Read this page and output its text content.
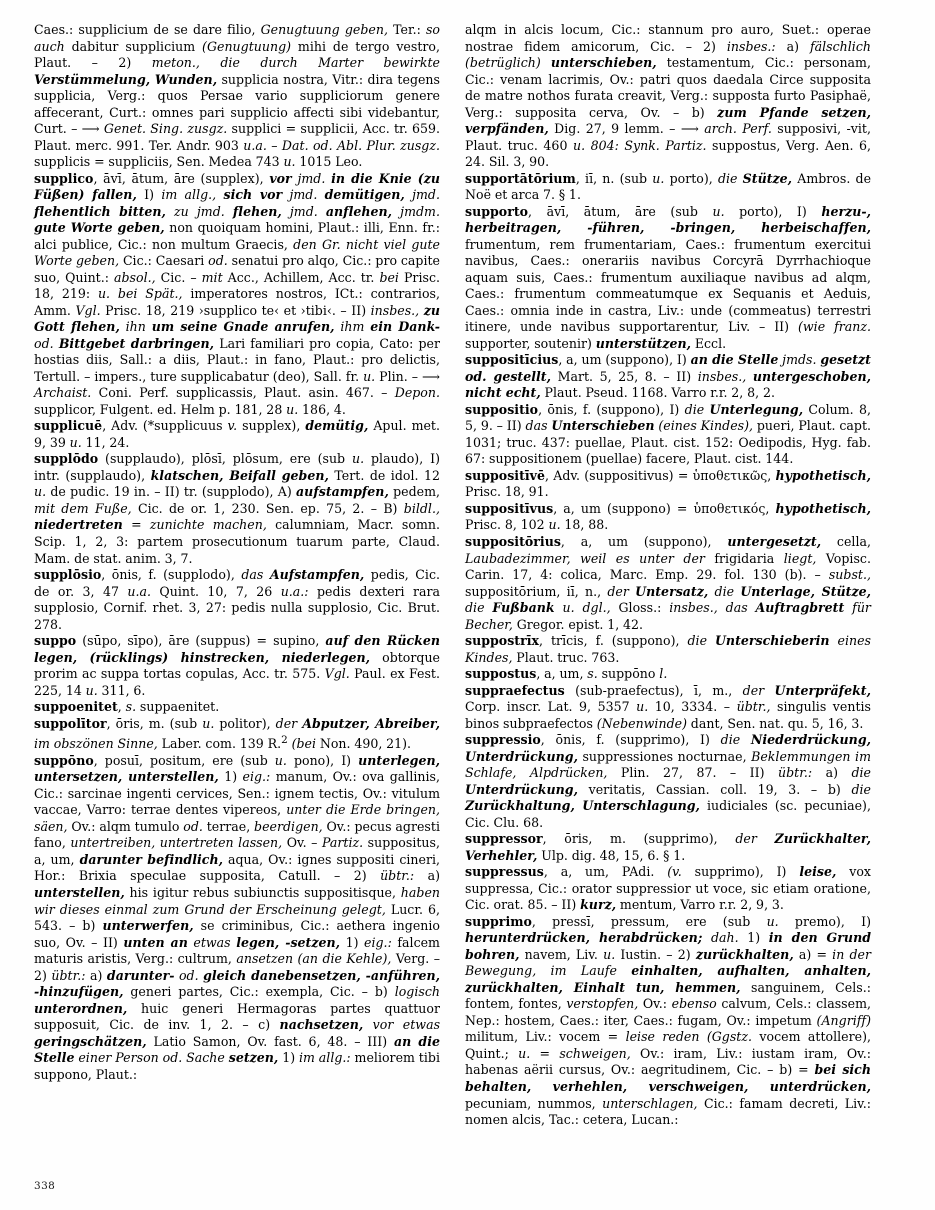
Caes.: supplicium de se dare filio, Genugtuung geben, Ter.: so auch dabitur supplicium (Genugtuung) mihi de tergo vestro, Plaut. – 2) meton., die durch Marter bewirkte Verstümmelung, Wunden, supplicia nostra, Vitr.: dira tegens supplicia, Verg.: quos Persae vario suppliciorum genere affecerant, Curt.: omnes pari supplicio affecti sibi videbantur, Curt. – ⟶ Genet. Sing. zusgz. supplici = supplicii, Acc. tr. 659. Plaut. merc. 991. Ter. Andr. 903 u.a. – Dat. od. Abl. Plur. zusgz. supplicis = suppliciis, Sen. Medea 743 u. 1015 Leo.

supplico, āvī, ātum, āre (supplex), vor jmd. in die Knie (zu Füßen) fallen, I) im allg., sich vor jmd. demütigen, jmd. flehentlich bitten, zu jmd. flehen, jmd. anflehen, jmdm. gute Worte geben, non quoiquam homini, Plaut.: illi, Enn. fr.: alci publice, Cic.: non multum Graecis, den Gr. nicht viel gute Worte geben, Cic.: Caesari od. senatui pro alqo, Cic.: pro capite suo, Quint.: absol., Cic. – mit Acc., Achillem, Acc. tr. bei Prisc. 18, 219: u. bei Spät., imperatores nostros, ICt.: contrarios, Amm. Vgl. Prisc. 18, 219 ›supplico te‹ et ›tibi‹. – II) insbes., zu Gott flehen, ihn um seine Gnade anrufen, ihm ein Dank- od. Bittgebet darbringen, Lari familiari pro copia, Cato: per hostias diis, Sall.: a diis, Plaut.: in fano, Plaut.: pro delictis, Tertull. – impers., ture supplicabatur (deo), Sall. fr. u. Plin. – ⟶ Archaist. Coni. Perf. supplicassis, Plaut. asin. 467. – Depon. supplicor, Fulgent. ed. Helm p. 181, 28 u. 186, 4.

supplicuē, Adv. (*supplicuus v. supplex), demütig, Apul. met. 9, 39 u. 11, 24.

supplōdo (supplaudo), plōsī, plōsum, ere (sub u. plaudo), I) intr. (supplaudo), klatschen, Beifall geben, Tert. de idol. 12 u. de pudic. 19 in. – II) tr. (supplodo), A) aufstampfen, pedem, mit dem Fuße, Cic. de or. 1, 230. Sen. ep. 75, 2. – B) bildl., niedertreten = zunichte machen, calumniam, Macr. somn. Scip. 1, 2, 3: partem prosecutionum tuarum parte, Claud. Mam. de stat. anim. 3, 7.

supplōsio, ōnis, f. (supplodo), das Aufstampfen, pedis, Cic. de or. 3, 47 u.a. Quint. 10, 7, 26 u.a.: pedis dexteri rara supplosio, Cornif. rhet. 3, 27: pedis nulla supplosio, Cic. Brut. 278.

suppo (sūpo, sīpo), āre (suppus) = supino, auf den Rücken legen, (rücklings) hinstrecken, niederlegen, obtorque prorim ac suppa tortas copulas, Acc. tr. 575. Vgl. Paul. ex Fest. 225, 14 u. 311, 6.

suppoenitet, s. suppaenitet.

suppolītor, ōris, m. (sub u. politor), der Abputzer, Abreiber, im obszönen Sinne, Laber. com. 139 R.$^2$ (bei Non. 490, 21).

suppōno, posuī, positum, ere (sub u. pono), I) unterlegen, untersetzen, unterstellen, 1) eig.: manum, Ov.: ova gallinis, Cic.: sarcinae ingenti cervices, Sen.: ignem tectis, Ov.: vitulum vaccae, Varro: terrae dentes vipereos, unter die Erde bringen, säen, Ov.: alqm tumulo od. terrae, beerdigen, Ov.: pecus agresti fano, untertreiben, untertreten lassen, Ov. – Partiz. suppositus, a, um, darunter befindlich, aqua, Ov.: ignes suppositi cineri, Hor.: Brixia speculae supposita, Catull. – 2) übtr.: a) unterstellen, his igitur rebus subiunctis suppositisque, haben wir dieses einmal zum Grund der Erscheinung gelegt, Lucr. 6, 543. – b) unterwerfen, se criminibus, Cic.: aethera ingenio suo, Ov. – II) unten an etwas legen, -setzen, 1) eig.: falcem maturis aristis, Verg.: cultrum, ansetzen (an die Kehle), Verg. – 2) übtr.: a) darunter- od. gleich danebensetzen, -anführen, -hinzufügen, generi partes, Cic.: exempla, Cic. – b) logisch unterordnen, huic generi Hermagoras partes quattuor supposuit, Cic. de inv. 1, 2. – c) nachsetzen, vor etwas geringschätzen, Latio Samon, Ov. fast. 6, 48. – III) an die Stelle einer Person od. Sache setzen, 1) im allg.: meliorem tibi suppono, Plaut.:

alqm in alcis locum, Cic.: stannum pro auro, Suet.: operae nostrae fidem amicorum, Cic. – 2) insbes.: a) fälschlich (betrüglich) unterschieben, testamentum, Cic.: personam, Cic.: venam lacrimis, Ov.: patri quos daedala Circe supposita de matre nothos furata creavit, Verg.: supposta furto Pasiphaë, Verg.: supposita cerva, Ov. – b) zum Pfande setzen, verpfänden, Dig. 27, 9 lemm. – ⟶ arch. Perf. supposivi, -vit, Plaut. truc. 460 u. 804: Synk. Partiz. suppostus, Verg. Aen. 6, 24. Sil. 3, 90.

supportātōrium, iī, n. (sub u. porto), die Stütze, Ambros. de Noë et arca 7. § 1.

supporto, āvī, ātum, āre (sub u. porto), I) herzu-, herbeitragen, -führen, -bringen, herbeischaffen, frumentum, rem frumentariam, Caes.: frumentum exercitui navibus, Caes.: onerariis navibus Corcyrā Dyrrhachioque aquam suis, Caes.: frumentum auxiliaque navibus ad alqm, Caes.: frumentum commeatumque ex Sequanis et Aeduis, Caes.: omnia inde in castra, Liv.: unde (commeatus) terrestri itinere, unde navibus supportarentur, Liv. – II) (wie franz. supporter, soutenir) unterstützen, Eccl.

suppositīcius, a, um (suppono), I) an die Stelle jmds. gesetzt od. gestellt, Mart. 5, 25, 8. – II) insbes., untergeschoben, nicht echt, Plaut. Pseud. 1168. Varro r.r. 2, 8, 2.

suppositio, ōnis, f. (suppono), I) die Unterlegung, Colum. 8, 5, 9. – II) das Unterschieben (eines Kindes), pueri, Plaut. capt. 1031; truc. 437: puellae, Plaut. cist. 152: Oedipodis, Hyg. fab. 67: suppositionem (puellae) facere, Plaut. cist. 144.

suppositīvē, Adv. (suppositivus) = ὑποθετικῶς, hypothetisch, Prisc. 18, 91.

suppositīvus, a, um (suppono) = ὑποθετικός, hypothetisch, Prisc. 8, 102 u. 18, 88.

suppositōrius, a, um (suppono), untergesetzt, cella, Laubadezimmer, weil es unter der frigidaria liegt, Vopisc. Carin. 17, 4: colica, Marc. Emp. 29. fol. 130 (b). – subst., suppositōrium, iī, n., der Untersatz, die Unterlage, Stütze, die Fußbank u. dgl., Gloss.: insbes., das Auftragbrett für Becher, Gregor. epist. 1, 42.

suppostrīx, trīcis, f. (suppono), die Unterschieberin eines Kindes, Plaut. truc. 763.

suppostus, a, um, s. suppōno l.

suppraefectus (sub-praefectus), ī, m., der Unterpräfekt, Corp. inscr. Lat. 9, 5357 u. 10, 3334. – übtr., singulis ventis binos subpraefectos (Nebenwinde) dant, Sen. nat. qu. 5, 16, 3.

suppressio, ōnis, f. (supprimo), I) die Niederdrückung, Unterdrückung, suppressiones nocturnae, Beklemmungen im Schlafe, Alpdrücken, Plin. 27, 87. – II) übtr.: a) die Unterdrückung, veritatis, Cassian. coll. 19, 3. – b) die Zurückhaltung, Unterschlagung, iudiciales (sc. pecuniae), Cic. Clu. 68.

suppressor, ōris, m. (supprimo), der Zurückhalter, Verhehler, Ulp. dig. 48, 15, 6. § 1.

suppressus, a, um, PAdi. (v. supprimo), I) leise, vox suppressa, Cic.: orator suppressior ut voce, sic etiam oratione, Cic. orat. 85. – II) kurz, mentum, Varro r.r. 2, 9, 3.

supprimo, pressī, pressum, ere (sub u. premo), I) herunterdrücken, herabdrücken; dah. 1) in den Grund bohren, navem, Liv. u. Iustin. – 2) zurückhalten, a) = in der Bewegung, im Laufe einhalten, aufhalten, anhalten, zurückhalten, Einhalt tun, hemmen, sanguinem, Cels.: fontem, fontes, verstopfen, Ov.: ebenso calvum, Cels.: classem, Nep.: hostem, Caes.: iter, Caes.: fugam, Ov.: impetum (Angriff) militum, Liv.: vocem = leise reden (Ggstz. vocem attollere), Quint.; u. = schweigen, Ov.: iram, Liv.: iustam iram, Ov.: habenas aërii cursus, Ov.: aegritudinem, Cic. – b) = bei sich behalten, verhehlen, verschweigen, unterdrücken, pecuniam, nummos, unterschlagen, Cic.: famam decreti, Liv.: nomen alcis, Tac.: cetera, Lucan.:

338
